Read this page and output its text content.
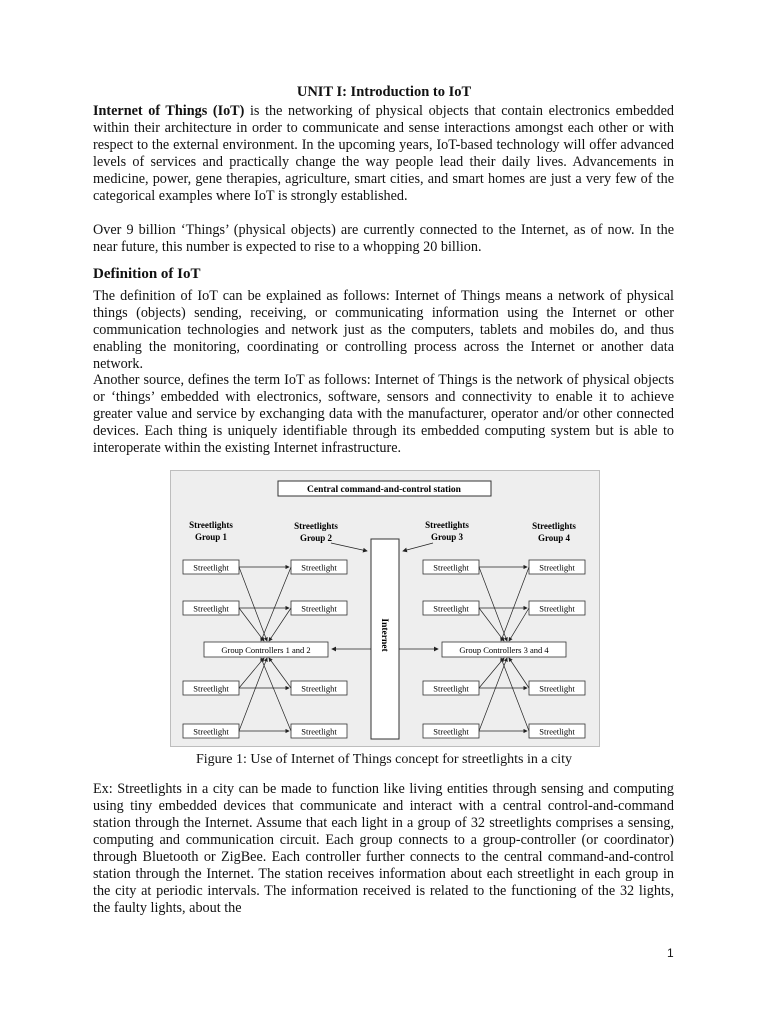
UNIT I: Introduction to IoT

Internet of Things (IoT) is the networking of physical objects that contain electronics embedded within their architecture in order to communicate and sense interactions amongst each other or with respect to the external environment. In the upcoming years, IoT-based technology will offer advanced levels of services and practically change the way people lead their daily lives. Advancements in medicine, power, gene therapies, agriculture, smart cities, and smart homes are just a very few of the categorical examples where IoT is strongly established.

Over 9 billion ‘Things’ (physical objects) are currently connected to the Internet, as of now. In the near future, this number is expected to rise to a whopping 20 billion.

Definition of IoT

The definition of IoT can be explained as follows: Internet of Things means a network of physical things (objects) sending, receiving, or communicating information using the Internet or other communication technologies and network just as the computers, tablets and mobiles do, and thus enabling the monitoring, coordinating or controlling process across the Internet or another data network.

Another source, defines the term IoT as follows: Internet of Things is the network of physical objects or ‘things’ embedded with electronics, software, sensors and connectivity to enable it to achieve greater value and service by exchanging data with the manufacturer, operator and/or other connected devices. Each thing is uniquely identifiable through its embedded computing system but is able to interoperate within the existing Internet infrastructure.

Central command-and-control station
Internet
Streetlights
Group 1
Streetlights
Group 2
Streetlights
Group 3
Streetlights
Group 4
Streetlight
Streetlight
Streetlight
Streetlight
Streetlight
Streetlight
Streetlight
Streetlight
Streetlight
Streetlight
Streetlight
Streetlight
Streetlight
Streetlight
Streetlight
Streetlight
Group Controllers 1 and 2	Group Controllers 3 and 4
Figure 1: Use of Internet of Things concept for streetlights in a city

Ex: Streetlights in a city can be made to function like living entities through sensing and computing using tiny embedded devices that communicate and interact with a central control-and-command station through the Internet. Assume that each light in a group of 32 streetlights comprises a sensing, computing and communication circuit. Each group connects to a group-controller (or coordinator) through Bluetooth or ZigBee. Each controller further connects to the central command-and-control station through the Internet. The station receives information about each streetlight in each group in the city at periodic intervals. The information received is related to the functioning of the 32 lights, the faulty lights, about the

1
